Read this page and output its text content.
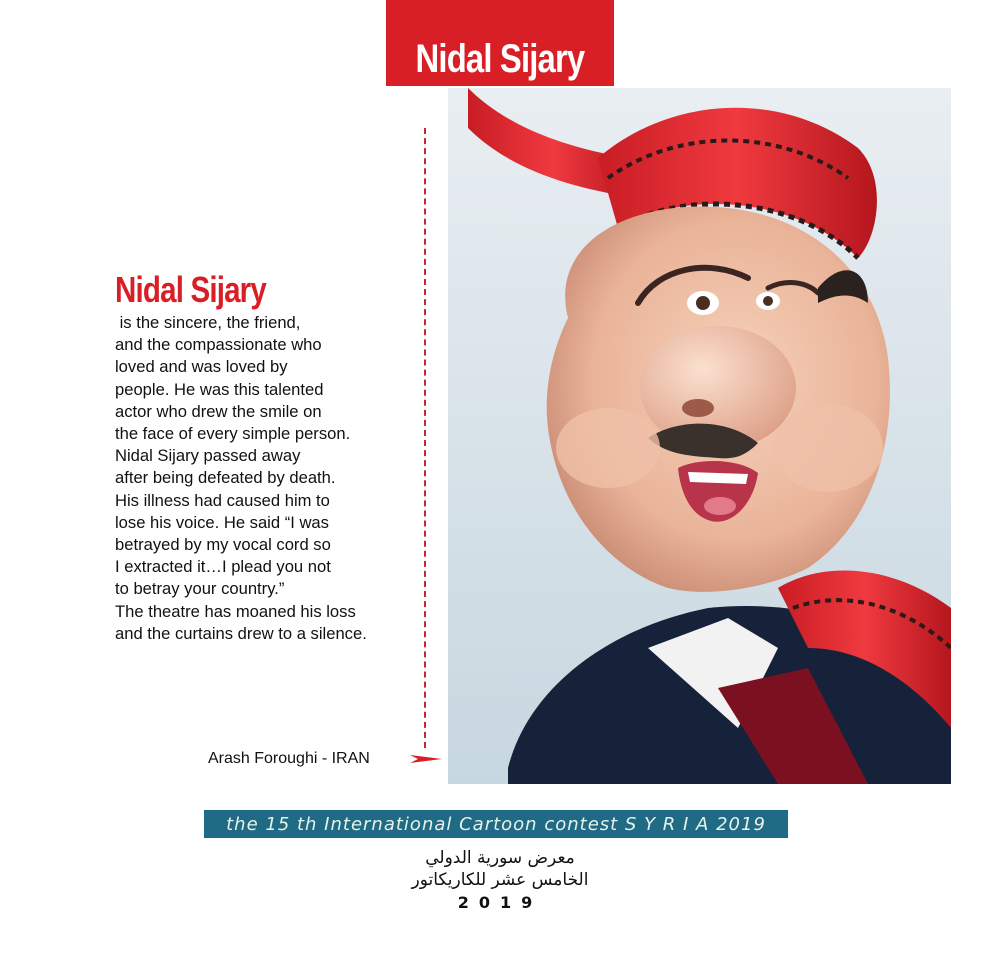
Nidal Sijary
Nidal Sijary
is the sincere, the friend,
and the compassionate who
loved and was loved by
people. He was this talented
actor who drew the smile on
the face of every simple person.
Nidal Sijary passed away
after being defeated by death.
His illness had caused him to
lose his voice. He said “I was
betrayed by my vocal cord so
I extracted it…I plead you not
to betray your country.”
The theatre has moaned his loss
and the curtains drew to a silence.
Arash Foroughi - IRAN
the 15 th International Cartoon contest S Y R I A 2019
معرض سورية الدولي
الخامس عشر للكاريكاتور
2019
